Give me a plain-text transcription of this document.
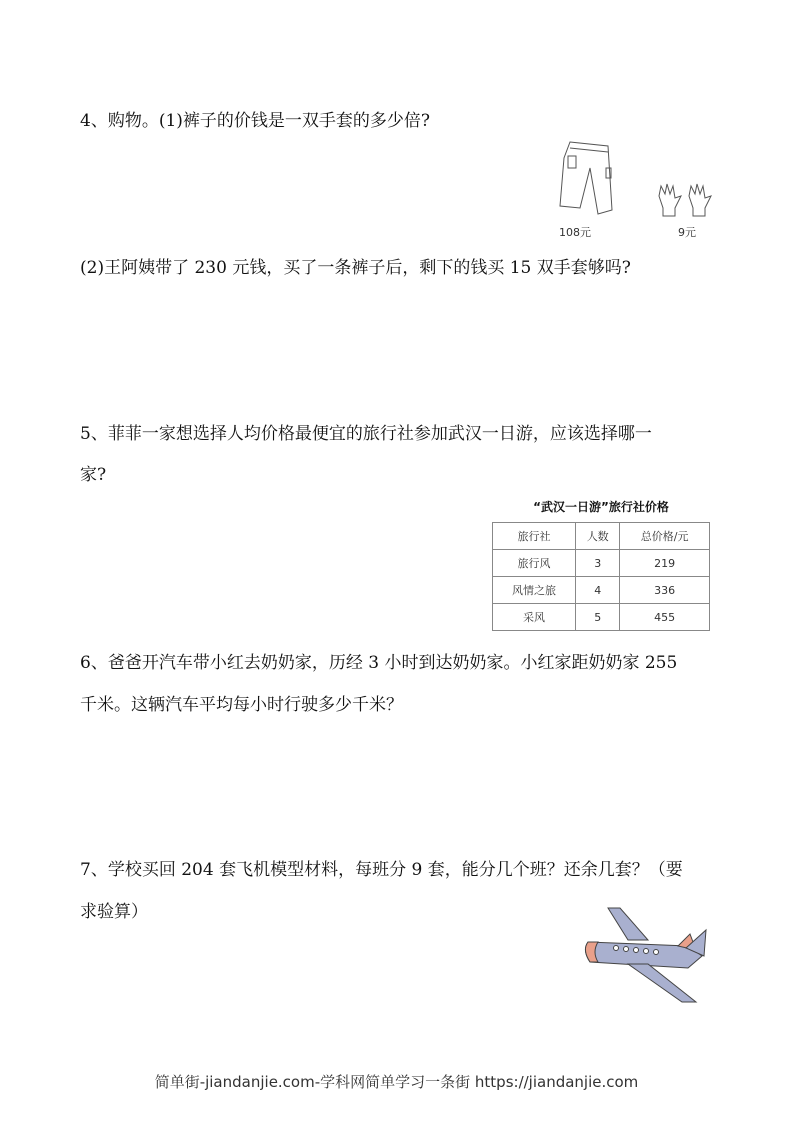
4、购物。(1)裤子的价钱是一双手套的多少倍?
108元	9元
(2)王阿姨带了 230 元钱，买了一条裤子后，剩下的钱买 15 双手套够吗?
5、菲菲一家想选择人均价格最便宜的旅行社参加武汉一日游，应该选择哪一
家?
“武汉一日游”旅行社价格
旅行社	人数	总价格/元
旅行风	3	219
风情之旅	4	336
采风	5	455
6、爸爸开汽车带小红去奶奶家，历经 3 小时到达奶奶家。小红家距奶奶家 255
千米。这辆汽车平均每小时行驶多少千米？
7、学校买回 204 套飞机模型材料，每班分 9 套，能分几个班？还余几套？（要
求验算）
简单街-jiandanjie.com-学科网简单学习一条街 https://jiandanjie.com
